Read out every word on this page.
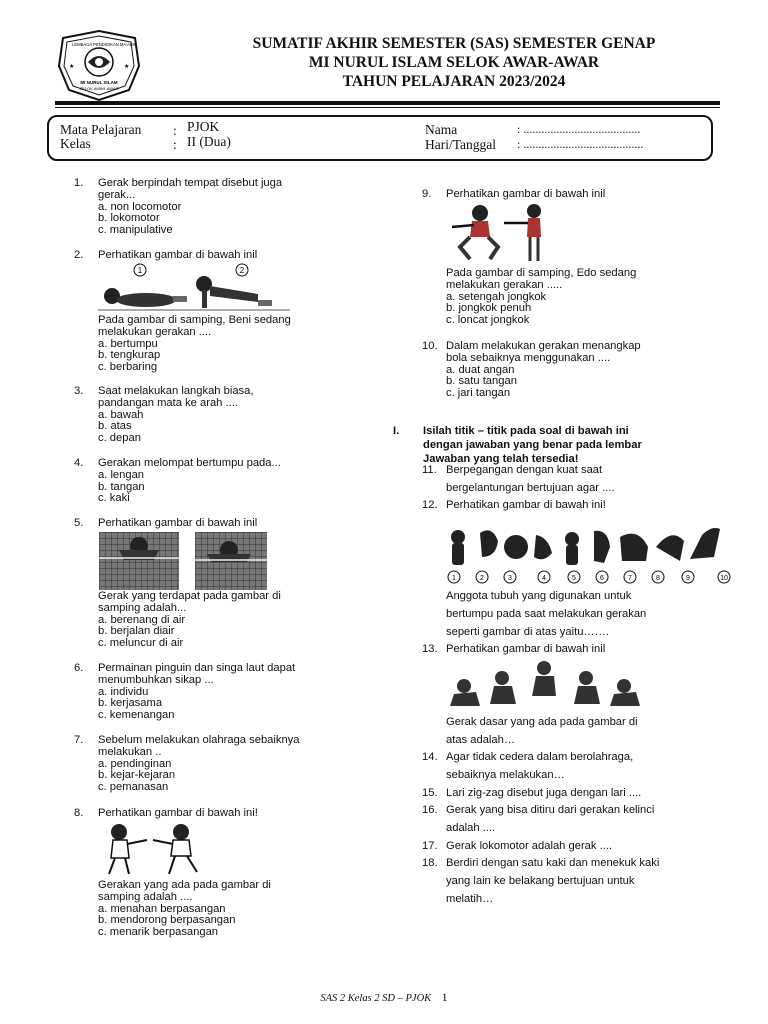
LEMBAGA PENDIDIKAN MA'ARIF
MI NURUL ISLAM
SELOK AWAR-AWAR
★	★
SUMATIF AKHIR SEMESTER (SAS) SEMESTER GENAP
MI NURUL ISLAM SELOK AWAR-AWAR
TAHUN PELAJARAN 2023/2024
Mata Pelajaran : PJOK
Kelas	: II (Dua)
Nama	: .......................................
Hari/Tanggal : ........................................
1. Gerak berpindah tempat disebut juga
gerak...
a. non locomotor
b. lokomotor
c. manipulative
2. Perhatikan gambar di bawah inil
1	2
Pada gambar di samping, Beni sedang
melakukan gerakan ....
a. bertumpu
b. tengkurap
c. berbaring
3. Saat melakukan langkah biasa,
pandangan mata ke arah ....
a. bawah
b. atas
c. depan
4. Gerakan melompat bertumpu pada...
a. lengan
b. tangan
c. kaki
5. Perhatikan gambar di bawah inil
Gerak yang terdapat pada gambar di
samping adalah...
a. berenang di air
b. berjalan diair
c. meluncur di air
6. Permainan pinguin dan singa laut dapat
menumbuhkan sikap ...
a. individu
b. kerjasama
c. kemenangan
7. Sebelum melakukan olahraga sebaiknya
melakukan ..
a. pendinginan
b. kejar-kejaran
c. pemanasan
8. Perhatikan gambar di bawah ini!
Gerakan yang ada pada gambar di
samping adalah ....
a. menahan berpasangan
b. mendorong berpasangan
c. menarik berpasangan
9. Perhatikan gambar di bawah inil
Pada gambar di samping, Edo sedang
melakukan gerakan .....
a. setengah jongkok
b. jongkok penuh
c. loncat jongkok
10. Dalam melakukan gerakan menangkap
bola sebaiknya menggunakan ....
a. duat angan
b. satu tangan
c. jari tangan
I. Isilah titik – titik pada soal di bawah ini
dengan jawaban yang benar pada lembar
Jawaban yang telah tersedia!
11. Berpegangan dengan kuat saat
bergelantungan bertujuan agar ....
12. Perhatikan gambar di bawah ini!
1	2	3	4	5	6	7	8	9	10
Anggota tubuh yang digunakan untuk
bertumpu pada saat melakukan gerakan
seperti gambar di atas yaitu…….
13. Perhatikan gambar di bawah inil
Gerak dasar yang ada pada gambar di
atas adalah…
14. Agar tidak cedera dalam berolahraga,
sebaiknya melakukan…
15. Lari zig-zag disebut juga dengan lari ....
16. Gerak yang bisa ditiru dari gerakan kelinci
adalah ....
17. Gerak lokomotor adalah gerak ....
18. Berdiri dengan satu kaki dan menekuk kaki
yang lain ke belakang bertujuan untuk
melatih…
SAS 2 Kelas 2 SD – PJOK 1
